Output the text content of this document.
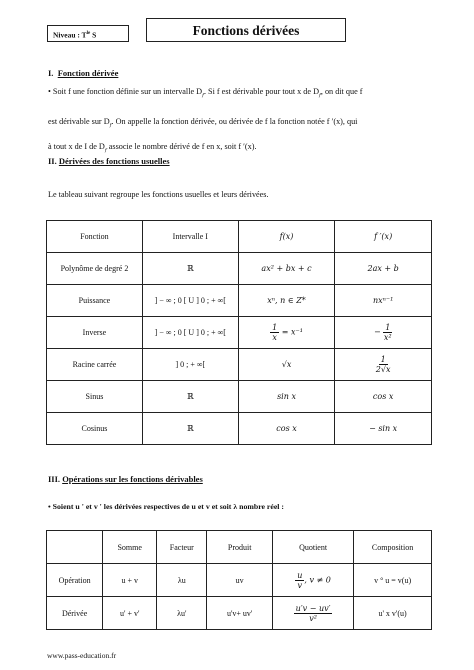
Niveau : $T^{le}$ S	Fonctions dérivées
I. Fonction dérivée
• Soit f une fonction définie sur un intervalle $D_f$. Si f est dérivable pour tout x de $D_f$, on dit que f
est dérivable sur $D_f$. On appelle la fonction dérivée, ou dérivée de f la fonction notée f ′(x), qui
à tout x de I de $D_f$ associe le nombre dérivé de f en x, soit f ′(x).
II. Dérivées des fonctions usuelles
Le tableau suivant regroupe les fonctions usuelles et leurs dérivées.
Fonction	Intervalle I	f(x)	f ′(x)
Polynôme de degré 2	ℝ	ax² + bx + c	2ax + b
Puissance	] − ∞ ; 0 [ U ] 0 ; + ∞[	xⁿ, n ∈ Z*	nxⁿ⁻¹
Inverse	] − ∞ ; 0 [ U ] 0 ; + ∞[	$\frac{1}{x} = x^{-1}$	− $\frac{1}{\text{x²}}$

Racine carrée	] 0 ; + ∞[	√x	$\frac{1}{2√x}$

Sinus	ℝ	sin x	cos x
Cosinus	ℝ	cos x	− sin x
III. Opérations sur les fonctions dérivables
• Soient u ' et v ' les dérivées respectives de u et v et soit λ nombre réel :
	Somme	Facteur	Produit	Quotient	Composition
Opération	u + v	λu	uv	$\frac{u}{v}$ , v ≠ 0	v ° u = v(u)
Dérivée	u' + v'	λu'	u'v+ uv'	$\frac{u'v - uv'}{\text{v²}}$	u' x v'(u)
www.pass-education.fr
